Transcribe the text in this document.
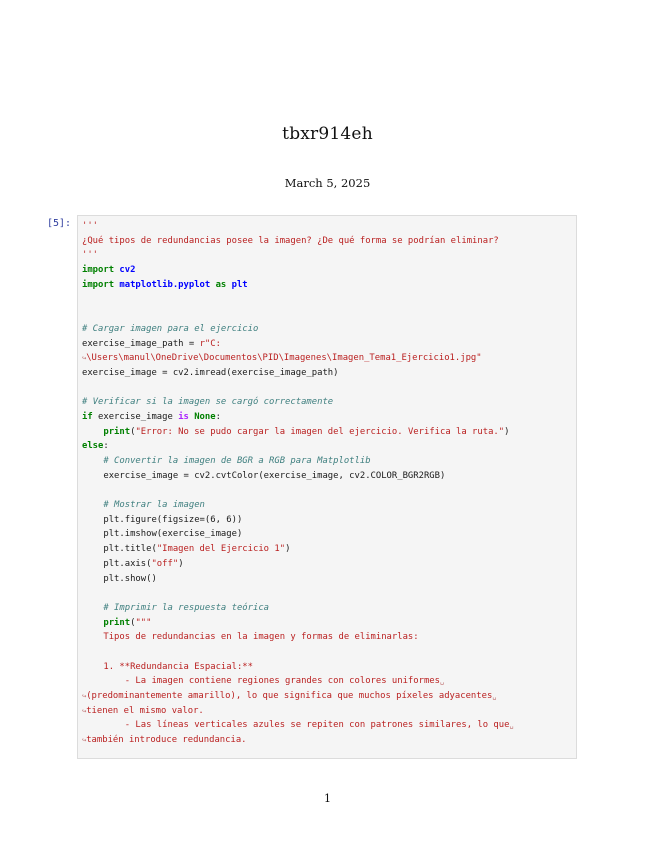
tbxr914eh
March 5, 2025
[5]: '''
¿Qué tipos de redundancias posee la imagen? ¿De qué forma se podrían eliminar?
'''
import cv2
import matplotlib.pyplot as plt
# Cargar imagen para el ejercicio
exercise_image_path = r"C:
↪\Users\manul\OneDrive\Documentos\PID\Imagenes\Imagen_Tema1_Ejercicio1.jpg"
exercise_image = cv2.imread(exercise_image_path)
# Verificar si la imagen se cargó correctamente
if exercise_image is None:
print("Error: No se pudo cargar la imagen del ejercicio. Verifica la ruta.")
else:
# Convertir la imagen de BGR a RGB para Matplotlib
exercise_image = cv2.cvtColor(exercise_image, cv2.COLOR_BGR2RGB)
# Mostrar la imagen
plt.figure(figsize=(6, 6))
plt.imshow(exercise_image)
plt.title("Imagen del Ejercicio 1")
plt.axis("off")
plt.show()
# Imprimir la respuesta teórica
print("""
Tipos de redundancias en la imagen y formas de eliminarlas:
1. **Redundancia Espacial:**
- La imagen contiene regiones grandes con colores uniformes␣
↪(predominantemente amarillo), lo que significa que muchos píxeles adyacentes␣
↪tienen el mismo valor.
- Las líneas verticales azules se repiten con patrones similares, lo que␣
↪también introduce redundancia.
1
